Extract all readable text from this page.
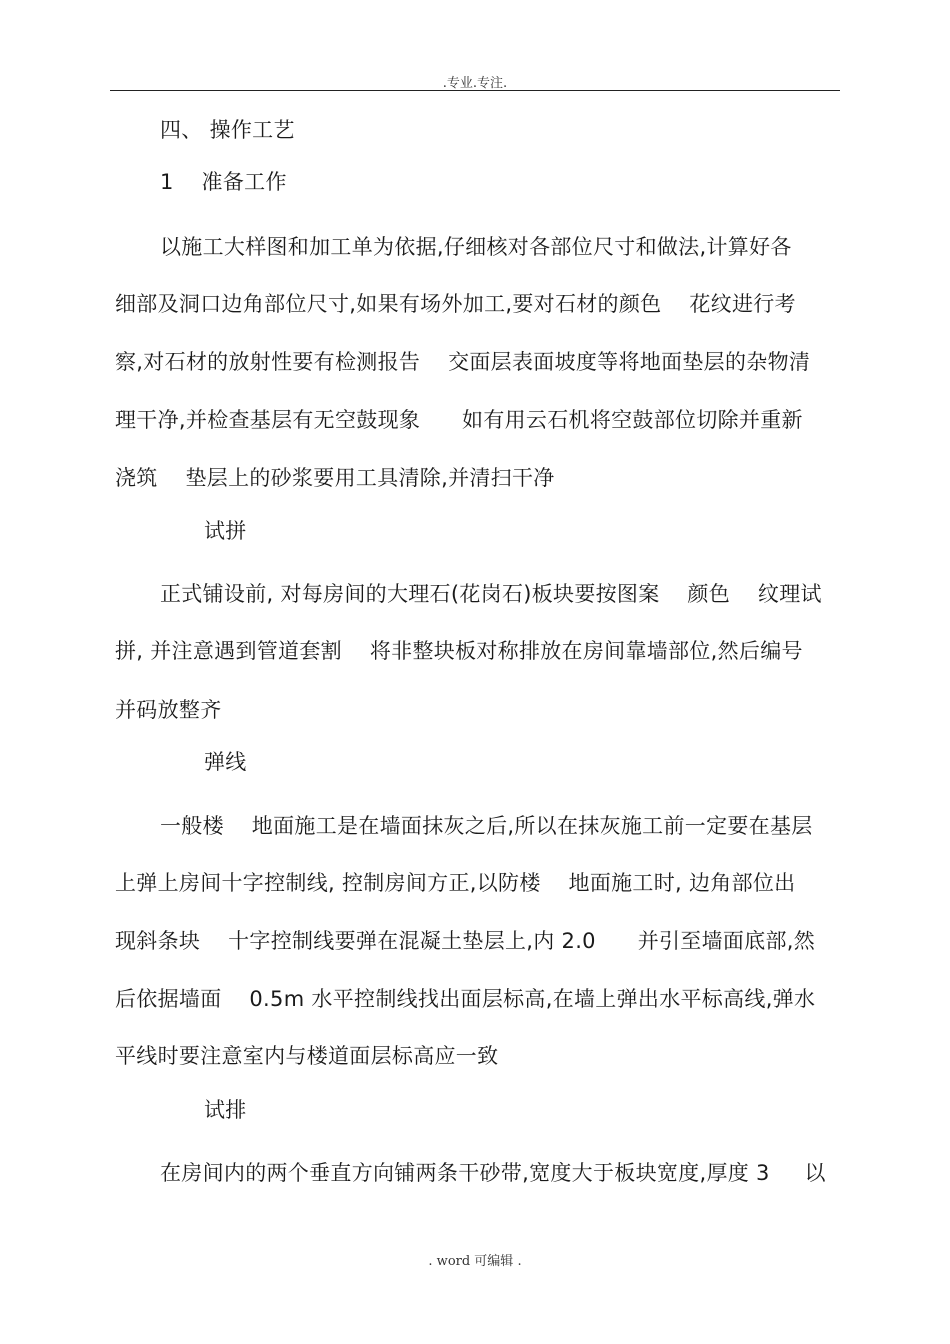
.专业.专注.
四、 操作工艺
1    准备工作
以施工大样图和加工单为依据,仔细核对各部位尺寸和做法,计算好各
细部及洞口边角部位尺寸,如果有场外加工,要对石材的颜色    花纹进行考
察,对石材的放射性要有检测报告    交面层表面坡度等将地面垫层的杂物清
理干净,并检查基层有无空鼓现象      如有用云石机将空鼓部位切除并重新
浇筑    垫层上的砂浆要用工具清除,并清扫干净
试拼
正式铺设前, 对每房间的大理石(花岗石)板块要按图案    颜色    纹理试
拼, 并注意遇到管道套割    将非整块板对称排放在房间靠墙部位,然后编号
并码放整齐
弹线
一般楼    地面施工是在墙面抹灰之后,所以在抹灰施工前一定要在基层
上弹上房间十字控制线, 控制房间方正,以防楼    地面施工时, 边角部位出
现斜条块    十字控制线要弹在混凝土垫层上,内 2.0      并引至墙面底部,然
后依据墙面    0.5m 水平控制线找出面层标高,在墙上弹出水平标高线,弹水
平线时要注意室内与楼道面层标高应一致
试排
在房间内的两个垂直方向铺两条干砂带,宽度大于板块宽度,厚度 3     以
. word 可编辑 .
